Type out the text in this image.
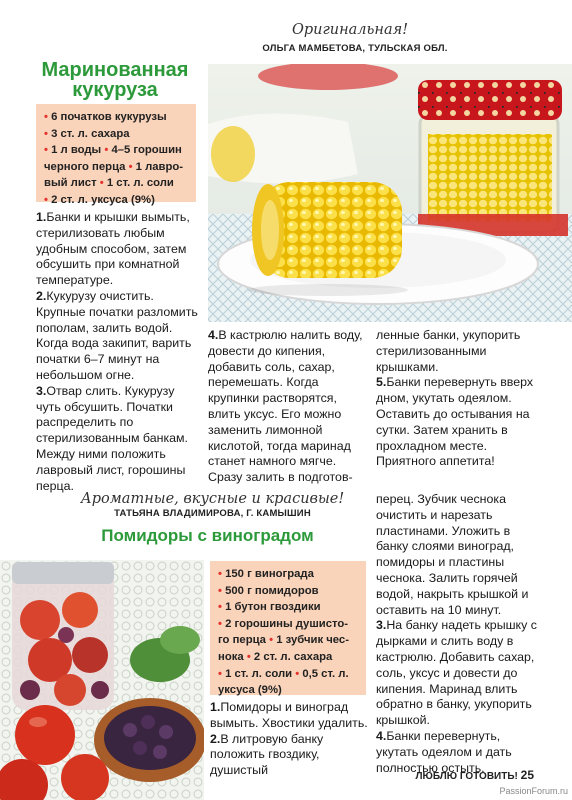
Оригинальная!
ОЛЬГА МАМБЕТОВА, ТУЛЬСКАЯ ОБЛ.
Маринованная кукуруза

• 6 початков кукурузы

• 3 ст. л. сахара

• 1 л воды • 4–5 горошин

черного перца • 1 лавро-

вый лист • 1 ст. л. соли

• 2 ст. л. уксуса (9%)

1.Банки и крышки вымыть, стерилизовать любым удобным способом, затем обсушить при комнатной температуре.
2.Кукурузу очистить. Крупные початки разломить пополам, залить водой. Когда вода закипит, варить початки 6–7 минут на небольшом огне.
3.Отвар слить. Кукурузу чуть обсушить. Початки распределить по стерилизованным банкам. Между ними положить лавровый лист, горошины перца.
4.В кастрюлю налить воду, довести до кипения, добавить соль, сахар, перемешать. Когда крупинки растворятся, влить уксус. Его можно заменить лимонной кислотой, тогда маринад станет намного мягче. Сразу залить в подготов-
ленные банки, укупорить стерилизованными крышками.
5.Банки перевернуть вверх дном, укутать одеялом. Оставить до остывания на сутки. Затем хранить в прохладном месте. Приятного аппетита!
Ароматные, вкусные и красивые!
ТАТЬЯНА ВЛАДИМИРОВА, Г. КАМЫШИН
Помидоры с виноградом

• 150 г винограда

• 500 г помидоров

• 1 бутон гвоздики

• 2 горошины душисто-

го перца • 1 зубчик чес-

нока • 2 ст. л. сахара

• 1 ст. л. соли • 0,5 ст. л.

уксуса (9%)

1.Помидоры и виноград вымыть. Хвостики удалить.
2.В литровую банку положить гвоздику, душистый
перец. Зубчик чеснока очистить и нарезать пластинами. Уложить в банку слоями виноград, помидоры и пластины чеснока. Залить горячей водой, накрыть крышкой и оставить на 10 минут.
3.На банку надеть крышку с дырками и слить воду в кастрюлю. Добавить сахар, соль, уксус и довести до кипения. Маринад влить обратно в банку, укупорить крышкой.
4.Банки перевернуть, укутать одеялом и дать полностью остыть.
ЛЮБЛЮ ГОТОВИТЬ! 25
PassionForum.ru
